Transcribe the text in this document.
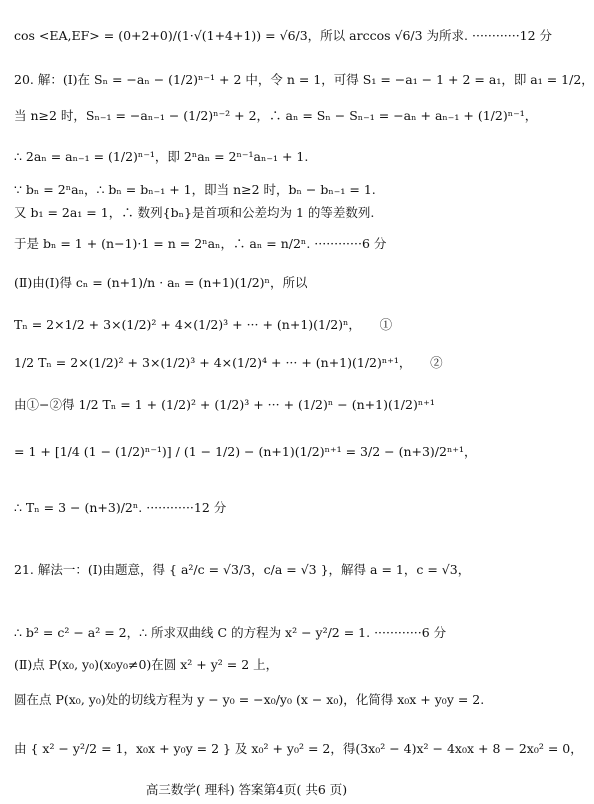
cos <EA,EF> = (0+2+0)/(1·√(1+4+1)) = √6/3，所以 arccos √6/3 为所求. ············12 分
20. 解：(Ⅰ)在 Sₙ = −aₙ − (1/2)ⁿ⁻¹ + 2 中，令 n = 1，可得 S₁ = −a₁ − 1 + 2 = a₁，即 a₁ = 1/2，
当 n≥2 时，Sₙ₋₁ = −aₙ₋₁ − (1/2)ⁿ⁻² + 2，∴ aₙ = Sₙ − Sₙ₋₁ = −aₙ + aₙ₋₁ + (1/2)ⁿ⁻¹，
∴ 2aₙ = aₙ₋₁ = (1/2)ⁿ⁻¹，即 2ⁿaₙ = 2ⁿ⁻¹aₙ₋₁ + 1.
∵ bₙ = 2ⁿaₙ，∴ bₙ = bₙ₋₁ + 1，即当 n≥2 时，bₙ − bₙ₋₁ = 1.
又 b₁ = 2a₁ = 1，∴ 数列{bₙ}是首项和公差均为 1 的等差数列.
于是 bₙ = 1 + (n−1)·1 = n = 2ⁿaₙ，∴ aₙ = n/2ⁿ. ············6 分
(Ⅱ)由(Ⅰ)得 cₙ = (n+1)/n · aₙ = (n+1)(1/2)ⁿ，所以
Tₙ = 2×1/2 + 3×(1/2)² + 4×(1/2)³ + ··· + (n+1)(1/2)ⁿ，　　①
1/2 Tₙ = 2×(1/2)² + 3×(1/2)³ + 4×(1/2)⁴ + ··· + (n+1)(1/2)ⁿ⁺¹，　　②
由①−②得 1/2 Tₙ = 1 + (1/2)² + (1/2)³ + ··· + (1/2)ⁿ − (n+1)(1/2)ⁿ⁺¹
= 1 + [1/4 (1 − (1/2)ⁿ⁻¹)] / (1 − 1/2) − (n+1)(1/2)ⁿ⁺¹ = 3/2 − (n+3)/2ⁿ⁺¹，
∴ Tₙ = 3 − (n+3)/2ⁿ. ············12 分
21. 解法一：(Ⅰ)由题意，得 { a²/c = √3/3，c/a = √3 }，解得 a = 1，c = √3，
∴ b² = c² − a² = 2，∴ 所求双曲线 C 的方程为 x² − y²/2 = 1. ············6 分
(Ⅱ)点 P(x₀, y₀)(x₀y₀≠0)在圆 x² + y² = 2 上，
圆在点 P(x₀, y₀)处的切线方程为 y − y₀ = −x₀/y₀ (x − x₀)，化简得 x₀x + y₀y = 2.
由 { x² − y²/2 = 1，x₀x + y₀y = 2 } 及 x₀² + y₀² = 2，得(3x₀² − 4)x² − 4x₀x + 8 − 2x₀² = 0，
高三数学( 理科) 答案第4页( 共6 页)
